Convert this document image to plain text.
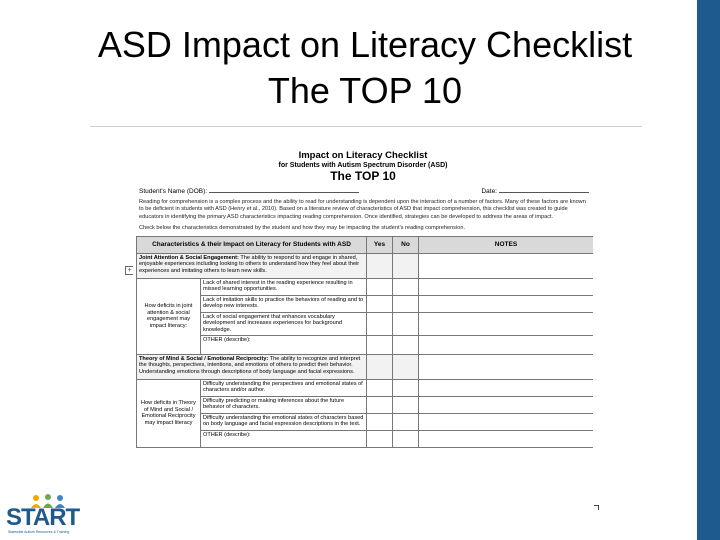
ASD Impact on Literacy Checklist
The TOP 10
+
Impact on Literacy Checklist
for Students with Autism Spectrum Disorder (ASD)
The TOP 10
Student's Name (DOB):	Date:
Reading for comprehension is a complex process and the ability to read for understanding is dependent upon the interaction of a number of factors. Many of these factors are known to be deficient in students with ASD (Henry et al., 2010). Based on a literature review of characteristics of ASD that impact comprehension, this checklist was created to guide educators in identifying the primary ASD characteristics impacting reading comprehension. Once identified, strategies can be developed to address the areas of impact.
Check below the characteristics demonstrated by the student and how they may be impacting the student's reading comprehension.
Characteristics & their Impact on Literacy for Students with ASD		Yes	No	NOTES
Joint Attention & Social Engagement: The ability to respond to and engage in shared, enjoyable experiences including looking to others to understand how they feel about their experiences and imitating others to learn new skills.				
How deficits in joint attention & social engagement may impact literacy:	Lack of shared interest in the reading experience resulting in missed learning opportunities.			
	Lack of imitation skills to practice the behaviors of reading and to develop new interests.			
	Lack of social engagement that enhances vocabulary development and increases experiences for background knowledge.			
	OTHER (describe):			
Theory of Mind & Social / Emotional Reciprocity: The ability to recognize and interpret the thoughts, perspectives, intentions, and emotions of others to predict their behavior. Understanding emotions through descriptions of body language and facial expressions.				
How deficits in Theory of Mind and Social / Emotional Reciprocity may impact literacy	Difficulty understanding the perspectives and emotional states of characters and/or author.			
	Difficulty predicting or making inferences about the future behavior of characters.			
	Difficulty understanding the emotional states of characters based on body language and facial expression descriptions in the text.			
	OTHER (describe):			
START
Statewide Autism Resources & Training
